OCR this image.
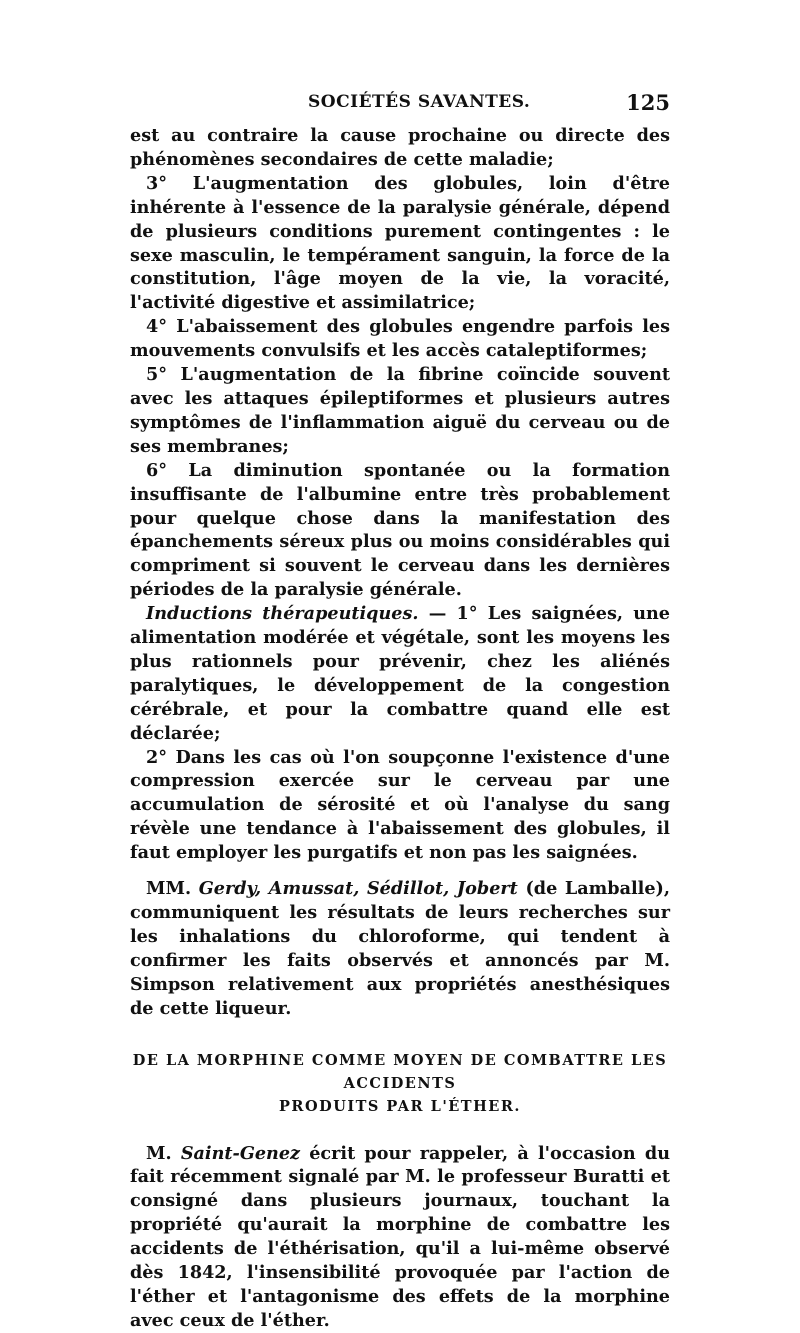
SOCIÉTÉS SAVANTES.	125

est au contraire la cause prochaine ou directe des phénomènes secondaires de cette maladie;

3° L'augmentation des globules, loin d'être inhérente à l'essence de la paralysie générale, dépend de plusieurs conditions purement contingentes : le sexe masculin, le tempérament sanguin, la force de la constitution, l'âge moyen de la vie, la voracité, l'activité digestive et assimilatrice;

4° L'abaissement des globules engendre parfois les mouvements convulsifs et les accès cataleptiformes;

5° L'augmentation de la fibrine coïncide souvent avec les attaques épileptiformes et plusieurs autres symptômes de l'inflammation aiguë du cerveau ou de ses membranes;

6° La diminution spontanée ou la formation insuffisante de l'albumine entre très probablement pour quelque chose dans la manifestation des épanchements séreux plus ou moins considérables qui compriment si souvent le cerveau dans les dernières périodes de la paralysie générale.

Inductions thérapeutiques. — 1° Les saignées, une alimentation modérée et végétale, sont les moyens les plus rationnels pour prévenir, chez les aliénés paralytiques, le développement de la congestion cérébrale, et pour la combattre quand elle est déclarée;

2° Dans les cas où l'on soupçonne l'existence d'une compression exercée sur le cerveau par une accumulation de sérosité et où l'analyse du sang révèle une tendance à l'abaissement des globules, il faut employer les purgatifs et non pas les saignées.

MM. Gerdy, Amussat, Sédillot, Jobert (de Lamballe), communiquent les résultats de leurs recherches sur les inhalations du chloroforme, qui tendent à confirmer les faits observés et annoncés par M. Simpson relativement aux propriétés anesthésiques de cette liqueur.

DE LA MORPHINE COMME MOYEN DE COMBATTRE LES ACCIDENTS
PRODUITS PAR L'ÉTHER.

M. Saint-Genez écrit pour rappeler, à l'occasion du fait récemment signalé par M. le professeur Buratti et consigné dans plusieurs journaux, touchant la propriété qu'aurait la morphine de combattre les accidents de l'éthérisation, qu'il a lui-même observé dès 1842, l'insensibilité provoquée par l'action de l'éther et l'antagonisme des effets de la morphine avec ceux de l'éther.
